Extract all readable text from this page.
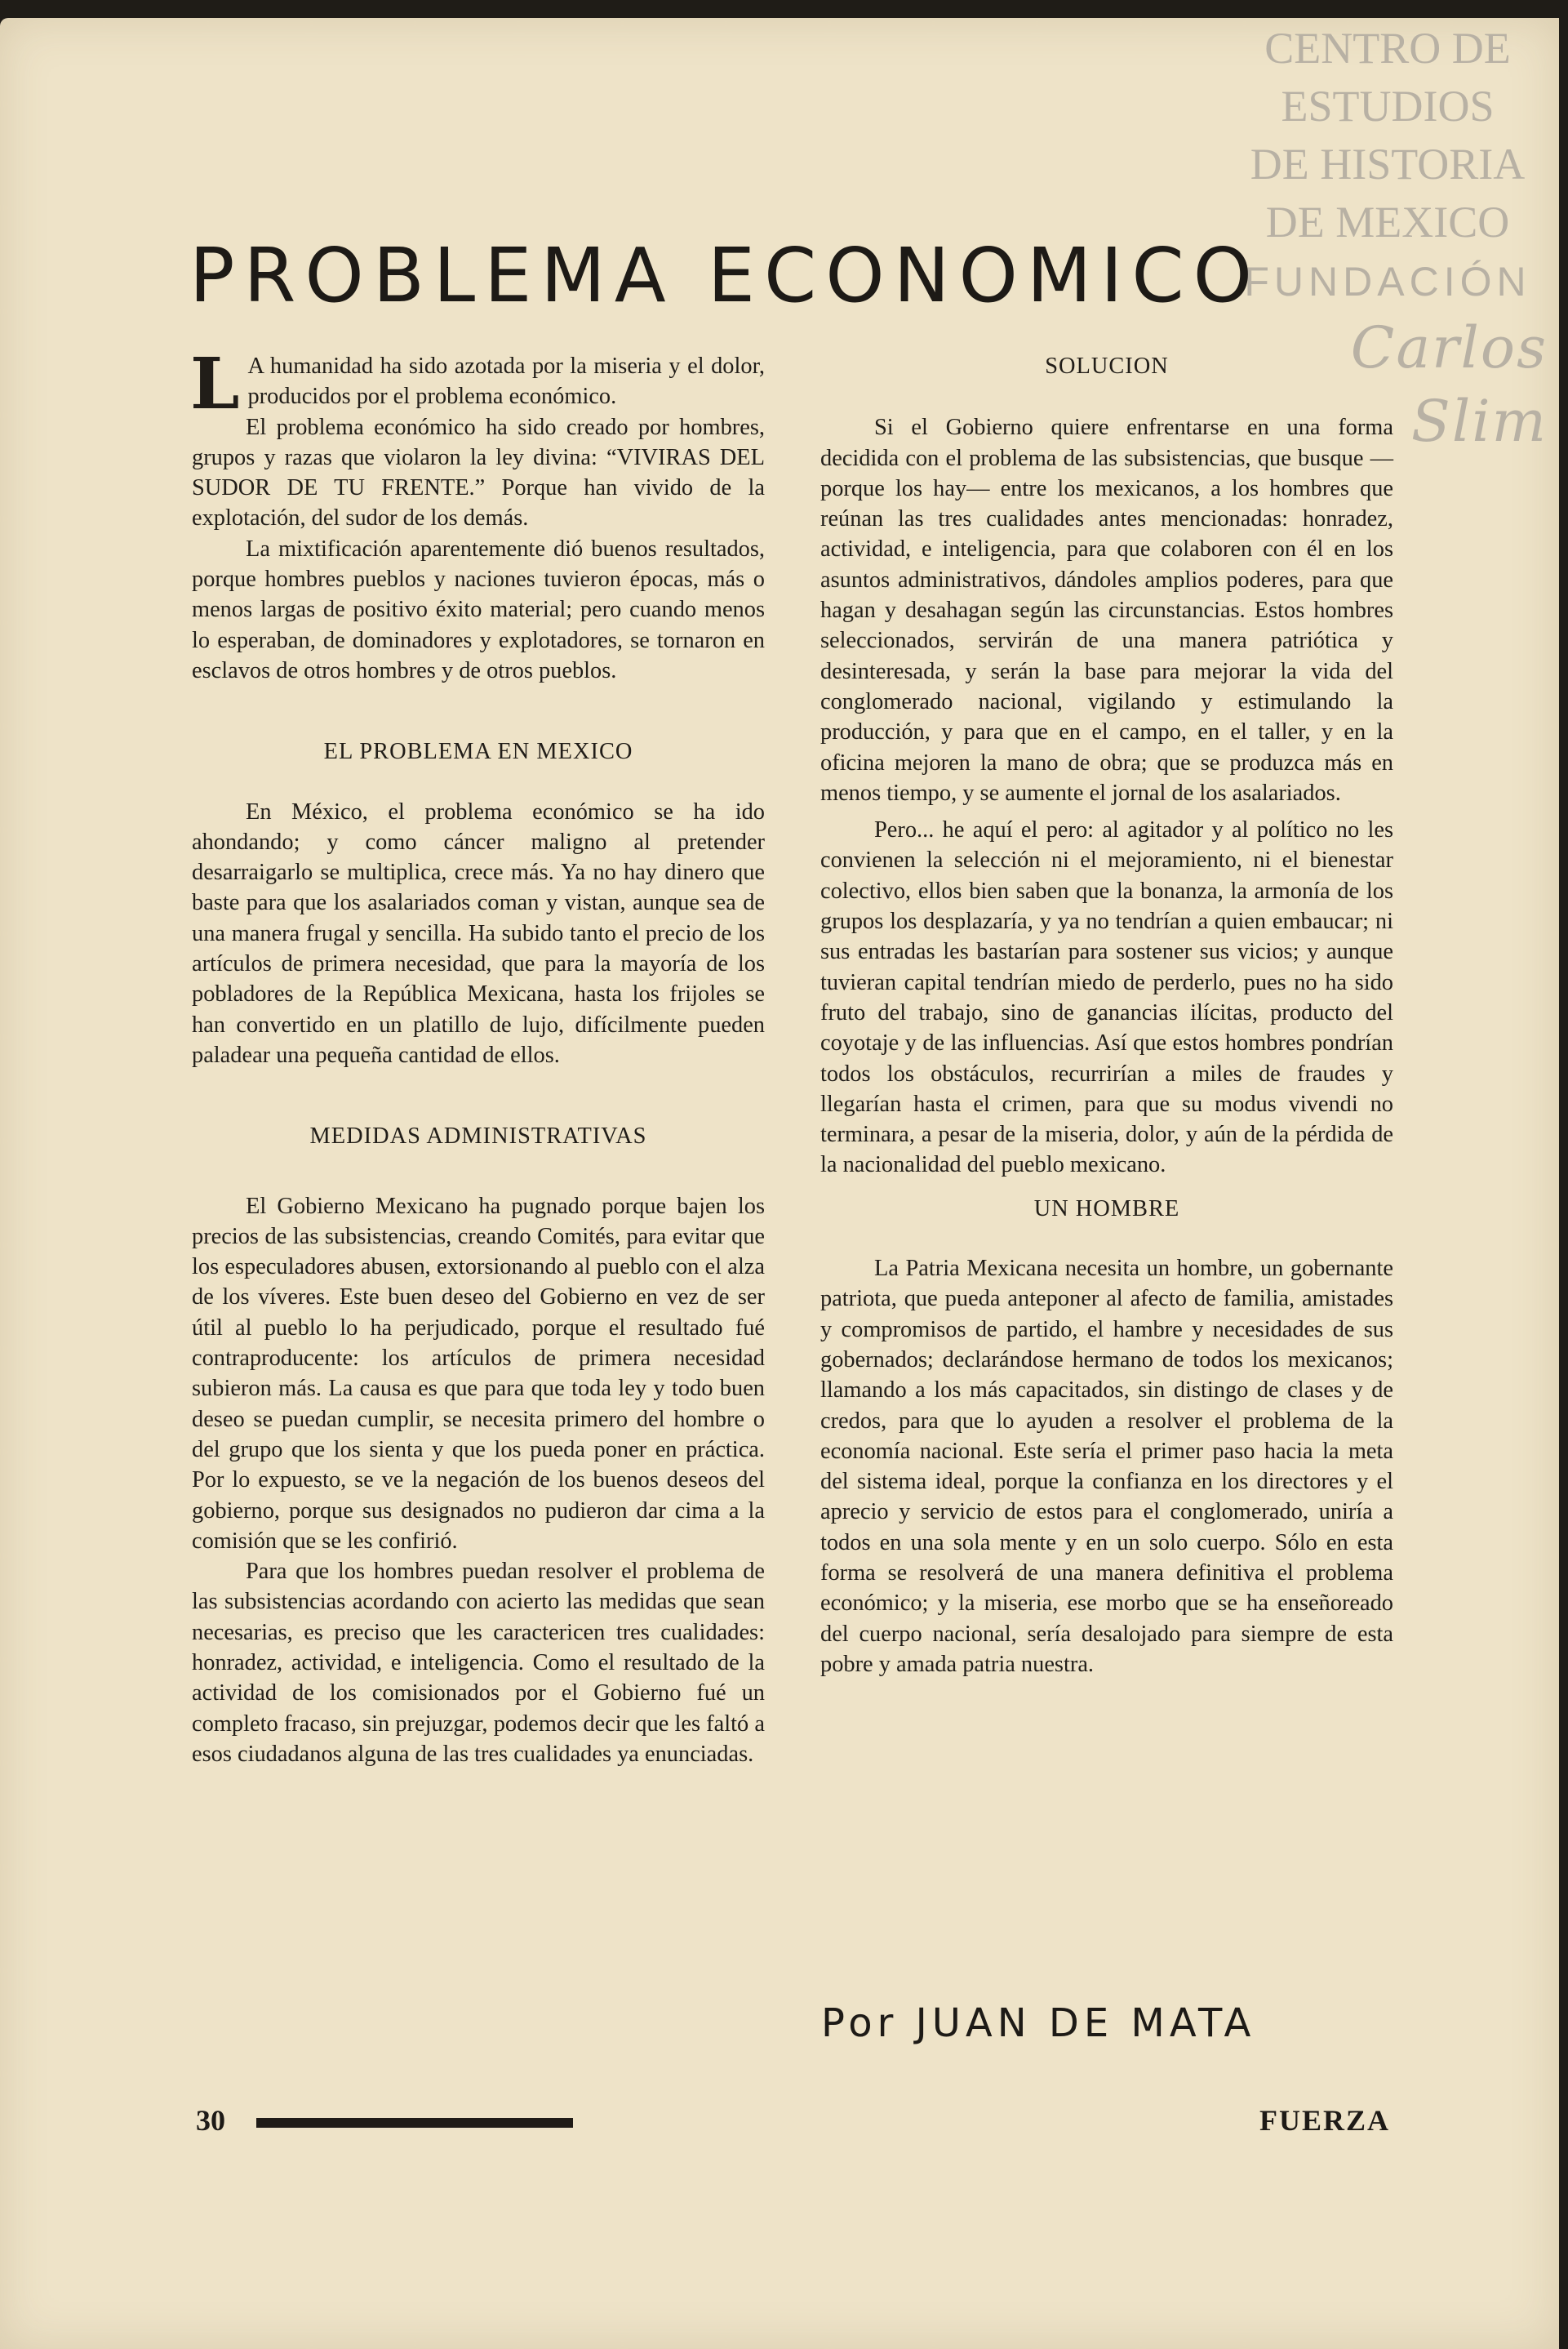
CENTRO DE
ESTUDIOS
DE HISTORIA
DE MEXICO
FUNDACIÓN
Carlos Slim
PROBLEMA ECONOMICO

L A humanidad ha sido azotada por la miseria y el dolor, producidos por el problema económico.

El problema económico ha sido creado por hombres, grupos y razas que violaron la ley divina: “VIVIRAS DEL SUDOR DE TU FRENTE.” Porque han vivido de la explotación, del sudor de los demás.

La mixtificación aparentemente dió buenos resultados, porque hombres pueblos y naciones tuvieron épocas, más o menos largas de positivo éxito material; pero cuando menos lo esperaban, de dominadores y explotadores, se tornaron en esclavos de otros hombres y de otros pueblos.

EL PROBLEMA EN MEXICO

En México, el problema económico se ha ido ahondando; y como cáncer maligno al pretender desarraigarlo se multiplica, crece más. Ya no hay dinero que baste para que los asalariados coman y vistan, aunque sea de una manera frugal y sencilla. Ha subido tanto el precio de los artículos de primera necesidad, que para la mayoría de los pobladores de la República Mexicana, hasta los frijoles se han convertido en un platillo de lujo, difícilmente pueden paladear una pequeña cantidad de ellos.

MEDIDAS ADMINISTRATIVAS

El Gobierno Mexicano ha pugnado porque bajen los precios de las subsistencias, creando Comités, para evitar que los especuladores abusen, extorsionando al pueblo con el alza de los víveres. Este buen deseo del Gobierno en vez de ser útil al pueblo lo ha perjudicado, porque el resultado fué contraproducente: los artículos de primera necesidad subieron más. La causa es que para que toda ley y todo buen deseo se puedan cumplir, se necesita primero del hombre o del grupo que los sienta y que los pueda poner en práctica. Por lo expuesto, se ve la negación de los buenos deseos del gobierno, porque sus designados no pudieron dar cima a la comisión que se les confirió.

Para que los hombres puedan resolver el problema de las subsistencias acordando con acierto las medidas que sean necesarias, es preciso que les caractericen tres cualidades: honradez, actividad, e inteligencia. Como el resultado de la actividad de los comisionados por el Gobierno fué un completo fracaso, sin prejuzgar, podemos decir que les faltó a esos ciudadanos alguna de las tres cualidades ya enunciadas.

SOLUCION

Si el Gobierno quiere enfrentarse en una forma decidida con el problema de las subsistencias, que busque —porque los hay— entre los mexicanos, a los hombres que reúnan las tres cualidades antes mencionadas: honradez, actividad, e inteligencia, para que colaboren con él en los asuntos administrativos, dándoles amplios poderes, para que hagan y desahagan según las circunstancias. Estos hombres seleccionados, servirán de una manera patriótica y desinteresada, y serán la base para mejorar la vida del conglomerado nacional, vigilando y estimulando la producción, y para que en el campo, en el taller, y en la oficina mejoren la mano de obra; que se produzca más en menos tiempo, y se aumente el jornal de los asalariados.

Pero... he aquí el pero: al agitador y al político no les convienen la selección ni el mejoramiento, ni el bienestar colectivo, ellos bien saben que la bonanza, la armonía de los grupos los desplazaría, y ya no tendrían a quien embaucar; ni sus entradas les bastarían para sostener sus vicios; y aunque tuvieran capital tendrían miedo de perderlo, pues no ha sido fruto del trabajo, sino de ganancias ilícitas, producto del coyotaje y de las influencias. Así que estos hombres pondrían todos los obstáculos, recurrirían a miles de fraudes y llegarían hasta el crimen, para que su modus vivendi no terminara, a pesar de la miseria, dolor, y aún de la pérdida de la nacionalidad del pueblo mexicano.

UN HOMBRE

La Patria Mexicana necesita un hombre, un gobernante patriota, que pueda anteponer al afecto de familia, amistades y compromisos de partido, el hambre y necesidades de sus gobernados; declarándose hermano de todos los mexicanos; llamando a los más capacitados, sin distingo de clases y de credos, para que lo ayuden a resolver el problema de la economía nacional. Este sería el primer paso hacia la meta del sistema ideal, porque la confianza en los directores y el aprecio y servicio de estos para el conglomerado, uniría a todos en una sola mente y en un solo cuerpo. Sólo en esta forma se resolverá de una manera definitiva el problema económico; y la miseria, ese morbo que se ha enseñoreado del cuerpo nacional, sería desalojado para siempre de esta pobre y amada patria nuestra.

Por JUAN DE MATA
30	FUERZA
